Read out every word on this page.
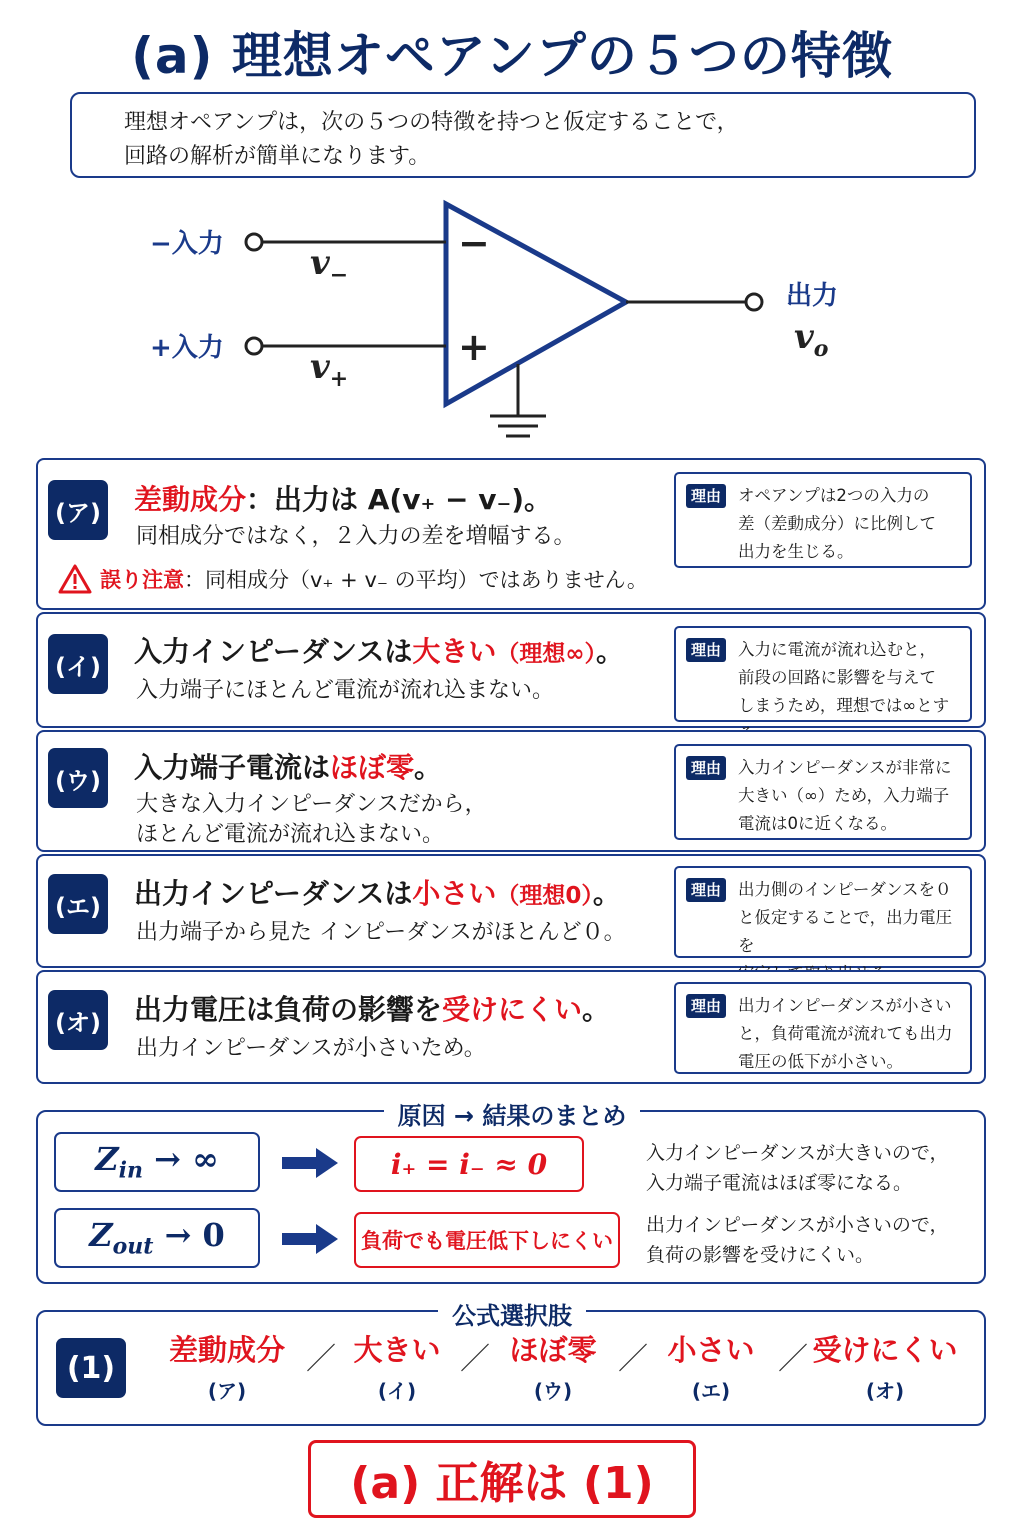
(a) 理想オペアンプの５つの特徴
理想オペアンプは，次の５つの特徴を持つと仮定することで，
回路の解析が簡単になります。
−
+
−入力
+入力
出力
$v_-$
$v_+$
$v_o$
(ア) 差動成分：出力は A(v₊ − v₋)。
同相成分ではなく，２入力の差を増幅する。
誤り注意 ：同相成分（v₊ + v₋ の平均）ではありません。
理由	オペアンプは2つの入力の
差（差動成分）に比例して
出力を生じる。
(イ) 入力インピーダンスは大きい（理想∞）。
入力端子にほとんど電流が流れ込まない。
理由	入力に電流が流れ込むと，
前段の回路に影響を与えて
しまうため，理想では∞とす
(ウ) 入力端子電流はほぼ零。
大きな入力インピーダンスだから，
ほとんど電流が流れ込まない。
理由	入力インピーダンスが非常に
大きい（∞）ため，入力端子
電流は0に近くなる。
(エ) 出力インピーダンスは小さい（理想0）。
出力端子から見た インピーダンスがほとんど０。
理由	出力側のインピーダンスを０
と仮定することで，出力電圧を
(オ) 出力電圧は負荷の影響を受けにくい。
出力インピーダンスが小さいため。
理由	出力インピーダンスが小さい
と，負荷電流が流れても出力
電圧の低下が小さい。
原因 → 結果のまとめ
$Z_{in}$ → ∞	i₊ = i₋ ≈ 0	入力インピーダンスが大きいので，
入力端子電流はほぼ零になる。
$Z_{out} \to 0$	負荷でも電圧低下しにくい
出力インピーダンスが小さいので，
負荷の影響を受けにくい。
(1)
差動成分
(ア)
／ 大きい
(イ)
／ ほぼ零
(ウ)
／ 小さい
(エ)
／ 受けにくい
(オ)
公式選択肢
(a) 正解は (1)
